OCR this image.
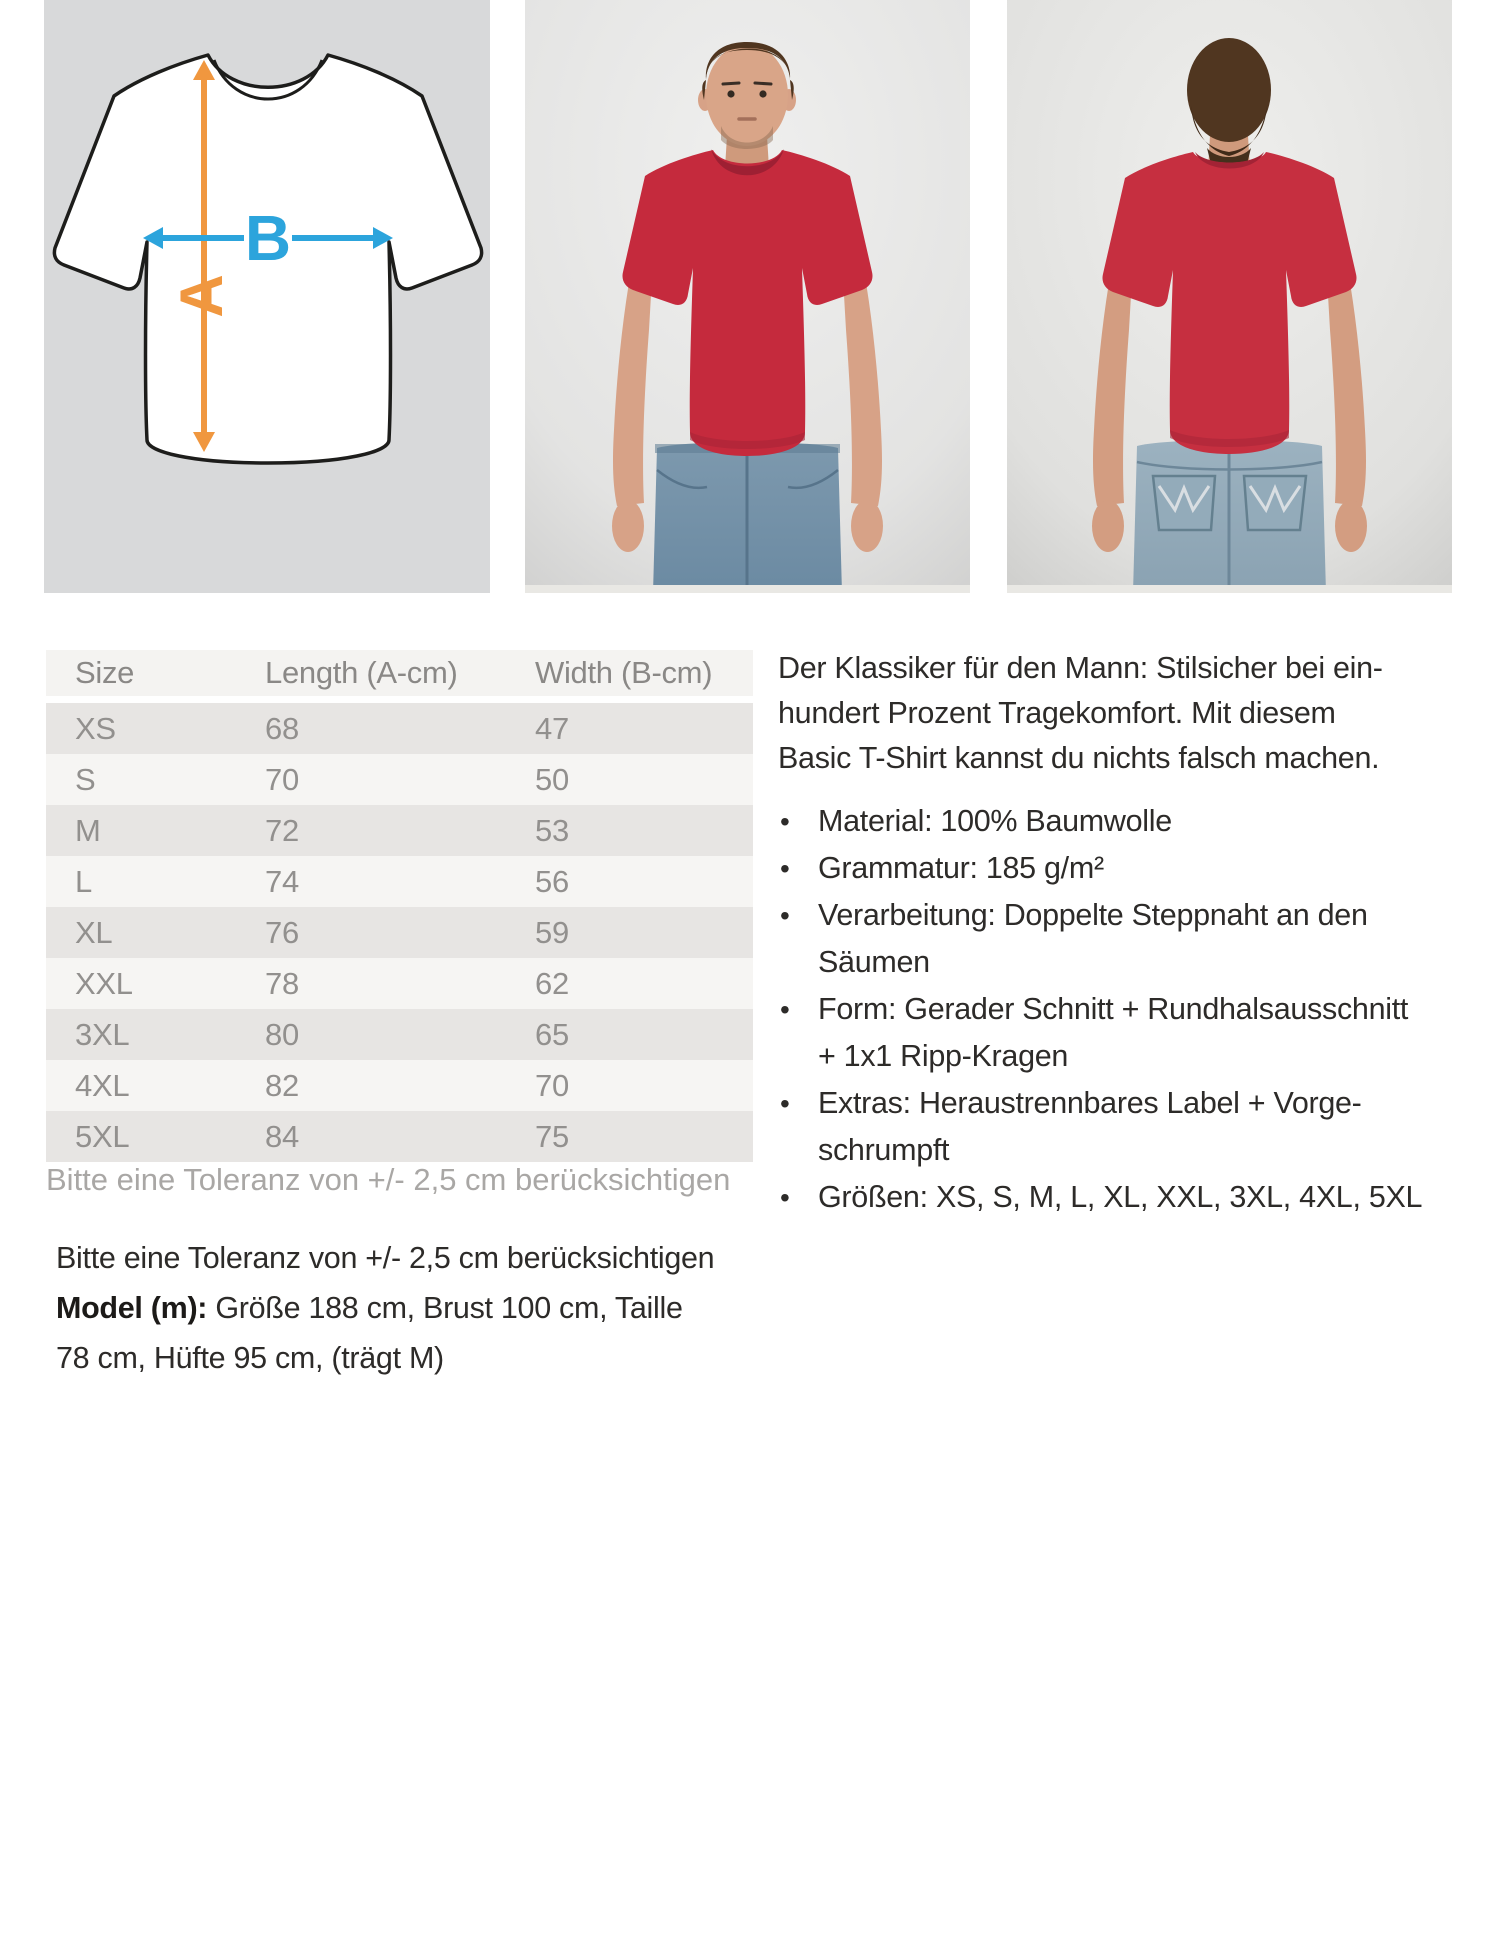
A
B
Size	Length (A-cm)	Width (B-cm)
XS	68	47
S	70	50
M	72	53
L	74	56
XL	76	59
XXL	78	62
3XL	80	65
4XL	82	70
5XL	84	75
Bitte eine Toleranz von +/- 2,5 cm berücksichtigen
Der Klassiker für den Mann: Stilsicher bei ein-
hundert Prozent Tragekomfort. Mit diesem
Basic T-Shirt kannst du nichts falsch machen.
• Material: 100% Baumwolle
• Grammatur: 185 g/m²
• Verarbeitung: Doppelte Steppnaht an den
Säumen
• Form: Gerader Schnitt + Rundhalsausschnitt
+ 1x1 Ripp-Kragen
• Extras: Heraustrennbares Label + Vorge-
schrumpft
• Größen: XS, S, M, L, XL, XXL, 3XL, 4XL, 5XL
Bitte eine Toleranz von +/- 2,5 cm berücksichtigen
Model (m): Größe 188 cm, Brust 100 cm, Taille
78 cm, Hüfte 95 cm, (trägt M)
